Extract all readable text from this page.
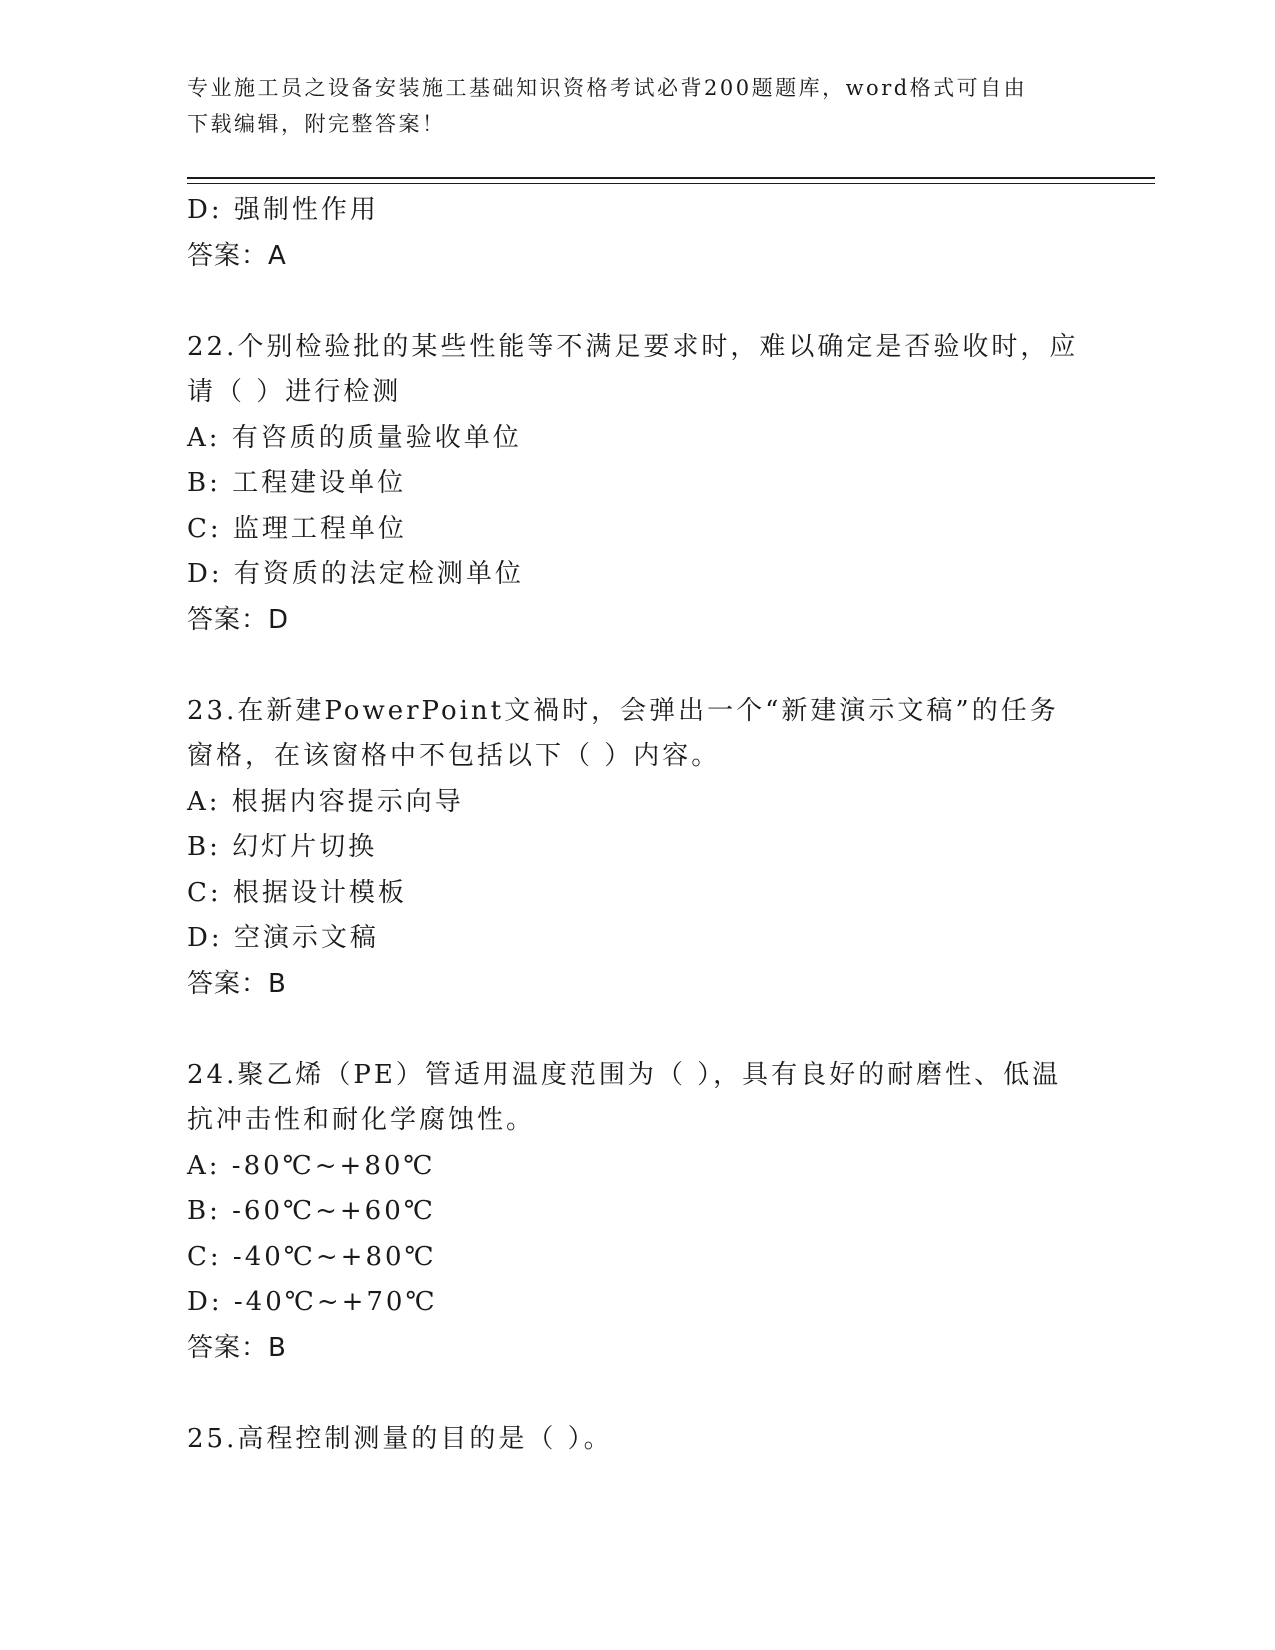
专业施工员之设备安装施工基础知识资格考试必背200题题库，word格式可自由
下载编辑，附完整答案！
D: 强制性作用
答案：A
22.个别检验批的某些性能等不满足要求时，难以确定是否验收时，应
请（ ）进行检测
A: 有咨质的质量验收单位
B: 工程建设单位
C: 监理工程单位
D: 有资质的法定检测单位
答案：D
23.在新建PowerPoint文禍时，会弹出一个“新建演示文稿”的任务
窗格，在该窗格中不包括以下（ ）内容。
A: 根据内容提示向导
B: 幻灯片切换
C: 根据设计模板
D: 空演示文稿
答案：B
24.聚乙烯（PE）管适用温度范围为（ ），具有良好的耐磨性、低温
抗冲击性和耐化学腐蚀性。
A: -80℃~+80℃
B: -60℃~+60℃
C: -40℃~+80℃
D: -40℃~+70℃
答案：B
25.高程控制测量的目的是（ ）。
